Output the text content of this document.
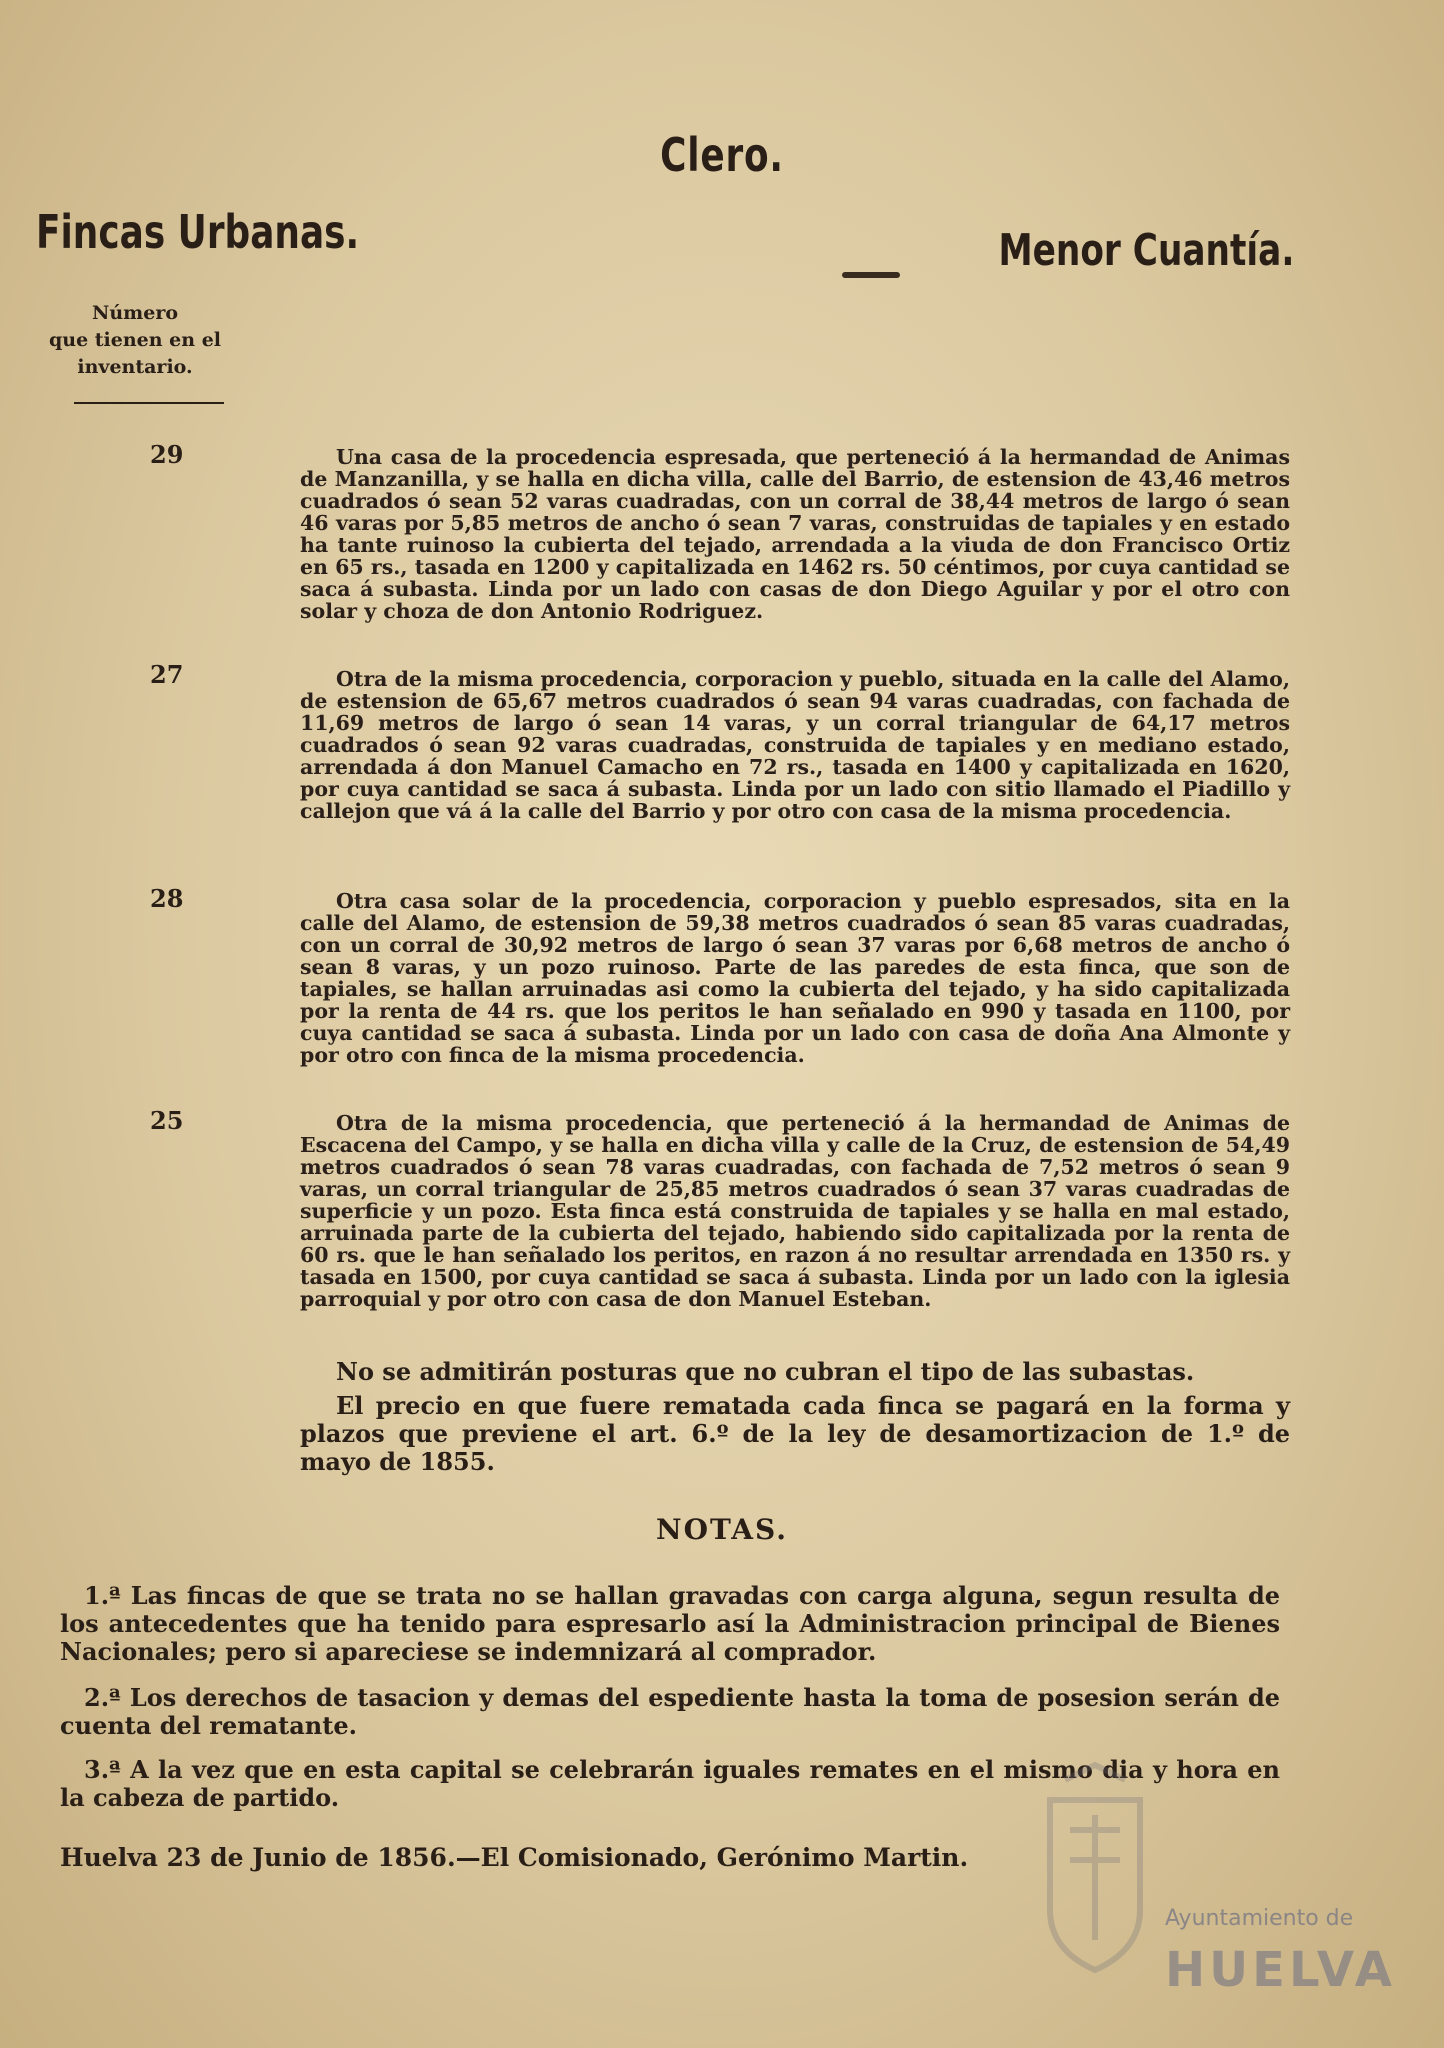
Clero.
Fincas Urbanas.	Menor Cuantía.
Número
que tienen en el
inventario.
29	Una casa de la procedencia espresada, que perteneció á la hermandad de Animas de Manzanilla, y se halla en dicha villa, calle del Barrio, de estension de 43,46 metros cuadrados ó sean 52 varas cuadradas, con un corral de 38,44 metros de largo ó sean 46 varas por 5,85 metros de ancho ó sean 7 varas, construidas de tapiales y en estado ha tante ruinoso la cubierta del tejado, arrendada a la viuda de don Francisco Ortiz en 65 rs., tasada en 1200 y capitalizada en 1462 rs. 50 céntimos, por cuya cantidad se saca á subasta. Linda por un lado con casas de don Diego Aguilar y por el otro con solar y choza de don Antonio Rodriguez.
27	Otra de la misma procedencia, corporacion y pueblo, situada en la calle del Alamo, de estension de 65,67 metros cuadrados ó sean 94 varas cuadradas, con fachada de 11,69 metros de largo ó sean 14 varas, y un corral triangular de 64,17 metros cuadrados ó sean 92 varas cuadradas, construida de tapiales y en mediano estado, arrendada á don Manuel Camacho en 72 rs., tasada en 1400 y capitalizada en 1620, por cuya cantidad se saca á subasta. Linda por un lado con sitio llamado el Piadillo y callejon que vá á la calle del Barrio y por otro con casa de la misma procedencia.
28	Otra casa solar de la procedencia, corporacion y pueblo espresados, sita en la calle del Alamo, de estension de 59,38 metros cuadrados ó sean 85 varas cuadradas, con un corral de 30,92 metros de largo ó sean 37 varas por 6,68 metros de ancho ó sean 8 varas, y un pozo ruinoso. Parte de las paredes de esta finca, que son de tapiales, se hallan arruinadas asi como la cubierta del tejado, y ha sido capitalizada por la renta de 44 rs. que los peritos le han señalado en 990 y tasada en 1100, por cuya cantidad se saca á subasta. Linda por un lado con casa de doña Ana Almonte y por otro con finca de la misma procedencia.
25	Otra de la misma procedencia, que perteneció á la hermandad de Animas de Escacena del Campo, y se halla en dicha villa y calle de la Cruz, de estension de 54,49 metros cuadrados ó sean 78 varas cuadradas, con fachada de 7,52 metros ó sean 9 varas, un corral triangular de 25,85 metros cuadrados ó sean 37 varas cuadradas de superficie y un pozo. Esta finca está construida de tapiales y se halla en mal estado, arruinada parte de la cubierta del tejado, habiendo sido capitalizada por la renta de 60 rs. que le han señalado los peritos, en razon á no resultar arrendada en 1350 rs. y tasada en 1500, por cuya cantidad se saca á subasta. Linda por un lado con la iglesia parroquial y por otro con casa de don Manuel Esteban.
No se admitirán posturas que no cubran el tipo de las subastas.
El precio en que fuere rematada cada finca se pagará en la forma y plazos que previene el art. 6.º de la ley de desamortizacion de 1.º de mayo de 1855.
NOTAS.
1.ª Las fincas de que se trata no se hallan gravadas con carga alguna, segun resulta de los antecedentes que ha tenido para espresarlo así la Administracion principal de Bienes Nacionales; pero si apareciese se indemnizará al comprador.
2.ª Los derechos de tasacion y demas del espediente hasta la toma de posesion serán de cuenta del rematante.
3.ª A la vez que en esta capital se celebrarán iguales remates en el mismo dia y hora en la cabeza de partido.
Huelva 23 de Junio de 1856.—El Comisionado, Gerónimo Martin.
Ayuntamiento de
HUELVA
